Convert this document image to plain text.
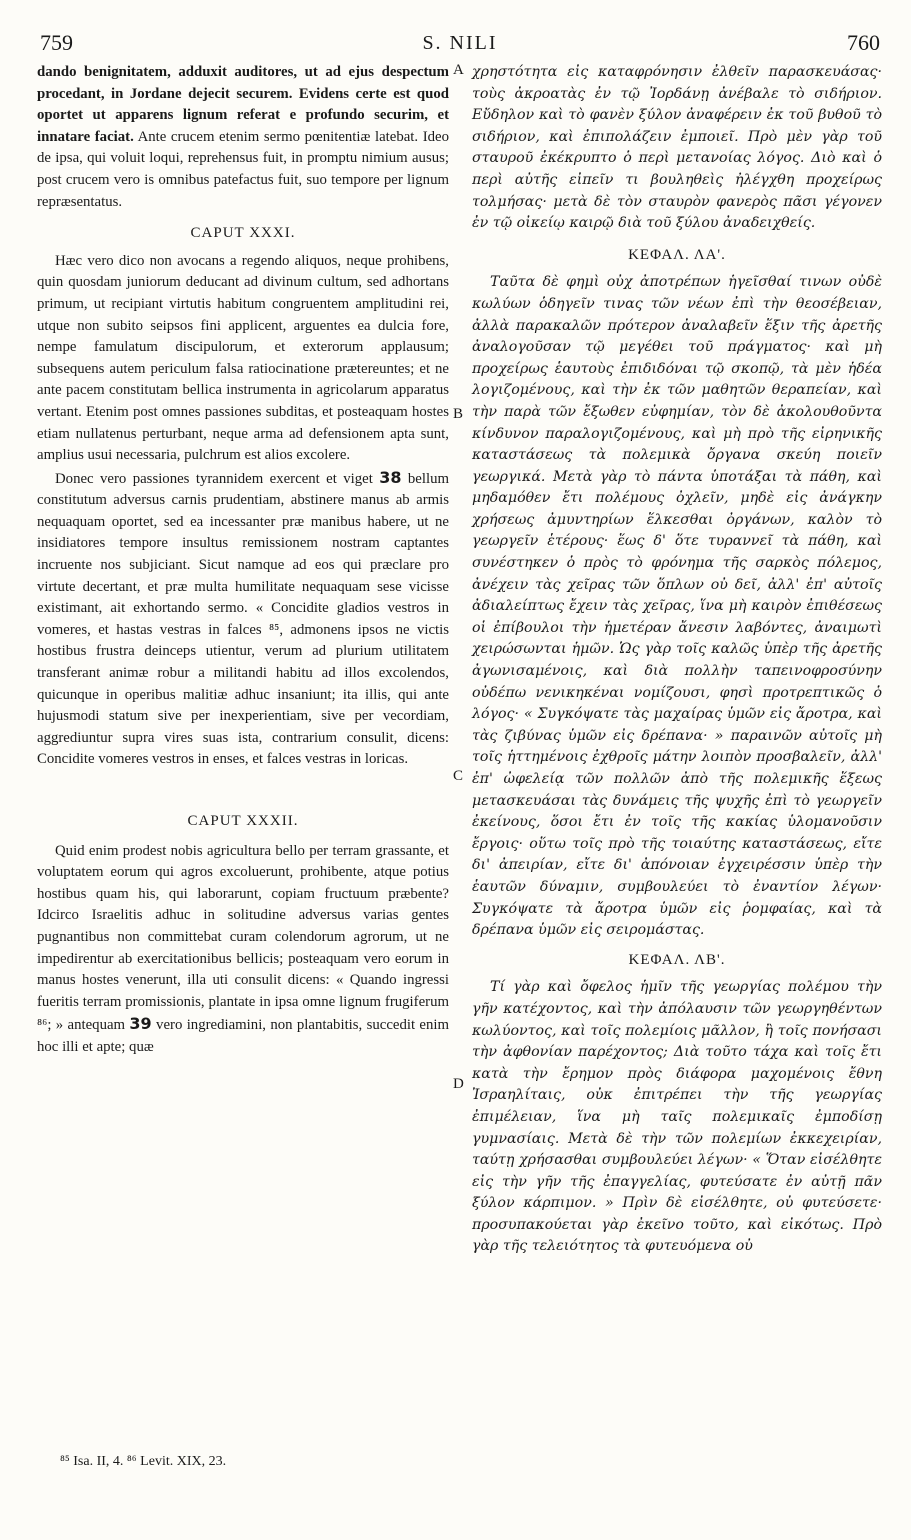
759	S. NILI	760
A
B
C
D

dando benignitatem, adduxit auditores, ut ad ejus despectum procedant, in Jordane dejecit securem. Evidens certe est quod oportet ut apparens lignum referat e profundo securim, et innatare faciat. Ante crucem etenim sermo pœnitentiæ latebat. Ideo de ipsa, qui voluit loqui, reprehensus fuit, in promptu nimium ausus; post crucem vero is omnibus patefactus fuit, suo tempore per lignum repræsentatus.

CAPUT XXXI.

Hæc vero dico non avocans a regendo aliquos, neque prohibens, quin quosdam juniorum deducant ad divinum cultum, sed adhortans primum, ut recipiant virtutis habitum congruentem amplitudini rei, utque non subito seipsos fini applicent, arguentes ea dulcia fore, nempe famulatum discipulorum, et exterorum applausum; subsequens autem periculum falsa ratiocinatione prætereuntes; et ne ante pacem constitutam bellica instrumenta in agricolarum apparatus vertant. Etenim post omnes passiones subditas, et posteaquam hostes etiam nullatenus perturbant, neque arma ad defensionem apta sunt, amplius usui necessaria, pulchrum est alios excolere.

Donec vero passiones tyrannidem exercent et viget 38 bellum constitutum adversus carnis prudentiam, abstinere manus ab armis nequaquam oportet, sed ea incessanter præ manibus habere, ut ne insidiatores tempore insultus remissionem nostram captantes incruente nos subjiciant. Sicut namque ad eos qui præclare pro virtute decertant, et præ multa humilitate nequaquam sese vicisse existimant, ait exhortando sermo. « Concidite gladios vestros in vomeres, et hastas vestras in falces ⁸⁵, admonens ipsos ne victis hostibus frustra deinceps utientur, verum ad plurium utilitatem transferant animæ robur a militandi habitu ad illos excolendos, quicunque in operibus malitiæ adhuc insaniunt; ita illis, qui ante hujusmodi statum sive per inexperientiam, sive per vecordiam, aggrediuntur supra vires suas ista, contrarium consulit, dicens: Concidite vomeres vestros in enses, et falces vestras in loricas.

CAPUT XXXII.

Quid enim prodest nobis agricultura bello per terram grassante, et voluptatem eorum qui agros excoluerunt, prohibente, atque potius hostibus quam his, qui laborarunt, copiam fructuum præbente? Idcirco Israelitis adhuc in solitudine adversus varias gentes pugnantibus non committebat curam colendorum agrorum, ut ne impedirentur ab exercitationibus bellicis; posteaquam vero eorum in manus hostes venerunt, illa uti consulit dicens: « Quando ingressi fueritis terram promissionis, plantate in ipsa omne lignum frugiferum ⁸⁶; » antequam 39 vero ingrediamini, non plantabitis, succedit enim hoc illi et apte; quæ

χρηστότητα εἰς καταφρόνησιν ἐλθεῖν παρασκευάσας· τοὺς ἀκροατὰς ἐν τῷ Ἰορδάνῃ ἀνέβαλε τὸ σιδήριον. Εὔδηλον καὶ τὸ φανὲν ξύλον ἀναφέρειν ἐκ τοῦ βυθοῦ τὸ σιδήριον, καὶ ἐπιπολάζειν ἐμποιεῖ. Πρὸ μὲν γὰρ τοῦ σταυροῦ ἐκέκρυπτο ὁ περὶ μετανοίας λόγος. Διὸ καὶ ὁ περὶ αὐτῆς εἰπεῖν τι βουληθεὶς ἠλέγχθη προχείρως τολμήσας· μετὰ δὲ τὸν σταυρὸν φανερὸς πᾶσι γέγονεν ἐν τῷ οἰκείῳ καιρῷ διὰ τοῦ ξύλου ἀναδειχθείς.

ΚΕΦΑΛ. ΛΑ'.

Ταῦτα δὲ φημὶ οὐχ ἀποτρέπων ἡγεῖσθαί τινων οὐδὲ κωλύων ὁδηγεῖν τινας τῶν νέων ἐπὶ τὴν θεοσέβειαν, ἀλλὰ παρακαλῶν πρότερον ἀναλαβεῖν ἕξιν τῆς ἀρετῆς ἀναλογοῦσαν τῷ μεγέθει τοῦ πράγματος· καὶ μὴ προχείρως ἑαυτοὺς ἐπιδιδόναι τῷ σκοπῷ, τὰ μὲν ἡδέα λογιζομένους, καὶ τὴν ἐκ τῶν μαθητῶν θεραπείαν, καὶ τὴν παρὰ τῶν ἔξωθεν εὐφημίαν, τὸν δὲ ἀκολουθοῦντα κίνδυνον παραλογιζομένους, καὶ μὴ πρὸ τῆς εἰρηνικῆς καταστάσεως τὰ πολεμικὰ ὄργανα σκεύη ποιεῖν γεωργικά. Μετὰ γὰρ τὸ πάντα ὑποτάξαι τὰ πάθη, καὶ μηδαμόθεν ἔτι πολέμους ὀχλεῖν, μηδὲ εἰς ἀνάγκην χρήσεως ἀμυντηρίων ἕλκεσθαι ὀργάνων, καλὸν τὸ γεωργεῖν ἑτέρους· ἕως δ' ὅτε τυραννεῖ τὰ πάθη, καὶ συνέστηκεν ὁ πρὸς τὸ φρόνημα τῆς σαρκὸς πόλεμος, ἀνέχειν τὰς χεῖρας τῶν ὅπλων οὐ δεῖ, ἀλλ' ἐπ' αὐτοῖς ἀδιαλείπτως ἔχειν τὰς χεῖρας, ἵνα μὴ καιρὸν ἐπιθέσεως οἱ ἐπίβουλοι τὴν ἡμετέραν ἄνεσιν λαβόντες, ἀναιμωτὶ χειρώσωνται ἡμῶν. Ὡς γὰρ τοῖς καλῶς ὑπὲρ τῆς ἀρετῆς ἀγωνισαμένοις, καὶ διὰ πολλὴν ταπεινοφροσύνην οὐδέπω νενικηκέναι νομίζουσι, φησὶ προτρεπτικῶς ὁ λόγος· « Συγκόψατε τὰς μαχαίρας ὑμῶν εἰς ἄροτρα, καὶ τὰς ζιβύνας ὑμῶν εἰς δρέπανα· » παραινῶν αὐτοῖς μὴ τοῖς ἡττημένοις ἐχθροῖς μάτην λοιπὸν προσβαλεῖν, ἀλλ' ἐπ' ὠφελείᾳ τῶν πολλῶν ἀπὸ τῆς πολεμικῆς ἕξεως μετασκευάσαι τὰς δυνάμεις τῆς ψυχῆς ἐπὶ τὸ γεωργεῖν ἐκείνους, ὅσοι ἔτι ἐν τοῖς τῆς κακίας ὑλομανοῦσιν ἔργοις· οὕτω τοῖς πρὸ τῆς τοιαύτης καταστάσεως, εἴτε δι' ἀπειρίαν, εἴτε δι' ἀπόνοιαν ἐγχειρέσσιν ὑπὲρ τὴν ἑαυτῶν δύναμιν, συμβουλεύει τὸ ἐναντίον λέγων· Συγκόψατε τὰ ἄροτρα ὑμῶν εἰς ῥομφαίας, καὶ τὰ δρέπανα ὑμῶν εἰς σειρομάστας.

ΚΕΦΑΛ. ΛΒ'.

Τί γὰρ καὶ ὄφελος ἡμῖν τῆς γεωργίας πολέμου τὴν γῆν κατέχοντος, καὶ τὴν ἀπόλαυσιν τῶν γεωργηθέντων κωλύοντος, καὶ τοῖς πολεμίοις μᾶλλον, ἢ τοῖς πονήσασι τὴν ἀφθονίαν παρέχοντος; Διὰ τοῦτο τάχα καὶ τοῖς ἔτι κατὰ τὴν ἔρημον πρὸς διάφορα μαχομένοις ἔθνη Ἰσραηλίταις, οὐκ ἐπιτρέπει τὴν τῆς γεωργίας ἐπιμέλειαν, ἵνα μὴ ταῖς πολεμικαῖς ἐμποδίσῃ γυμνασίαις. Μετὰ δὲ τὴν τῶν πολεμίων ἐκκεχειρίαν, ταύτῃ χρήσασθαι συμβουλεύει λέγων· « Ὅταν εἰσέλθητε εἰς τὴν γῆν τῆς ἐπαγγελίας, φυτεύσατε ἐν αὐτῇ πᾶν ξύλον κάρπιμον. » Πρὶν δὲ εἰσέλθητε, οὐ φυτεύσετε· προσυπακούεται γὰρ ἐκεῖνο τοῦτο, καὶ εἰκότως. Πρὸ γὰρ τῆς τελειότητος τὰ φυτευόμενα οὐ

⁸⁵ Isa. II, 4. ⁸⁶ Levit. XIX, 23.
